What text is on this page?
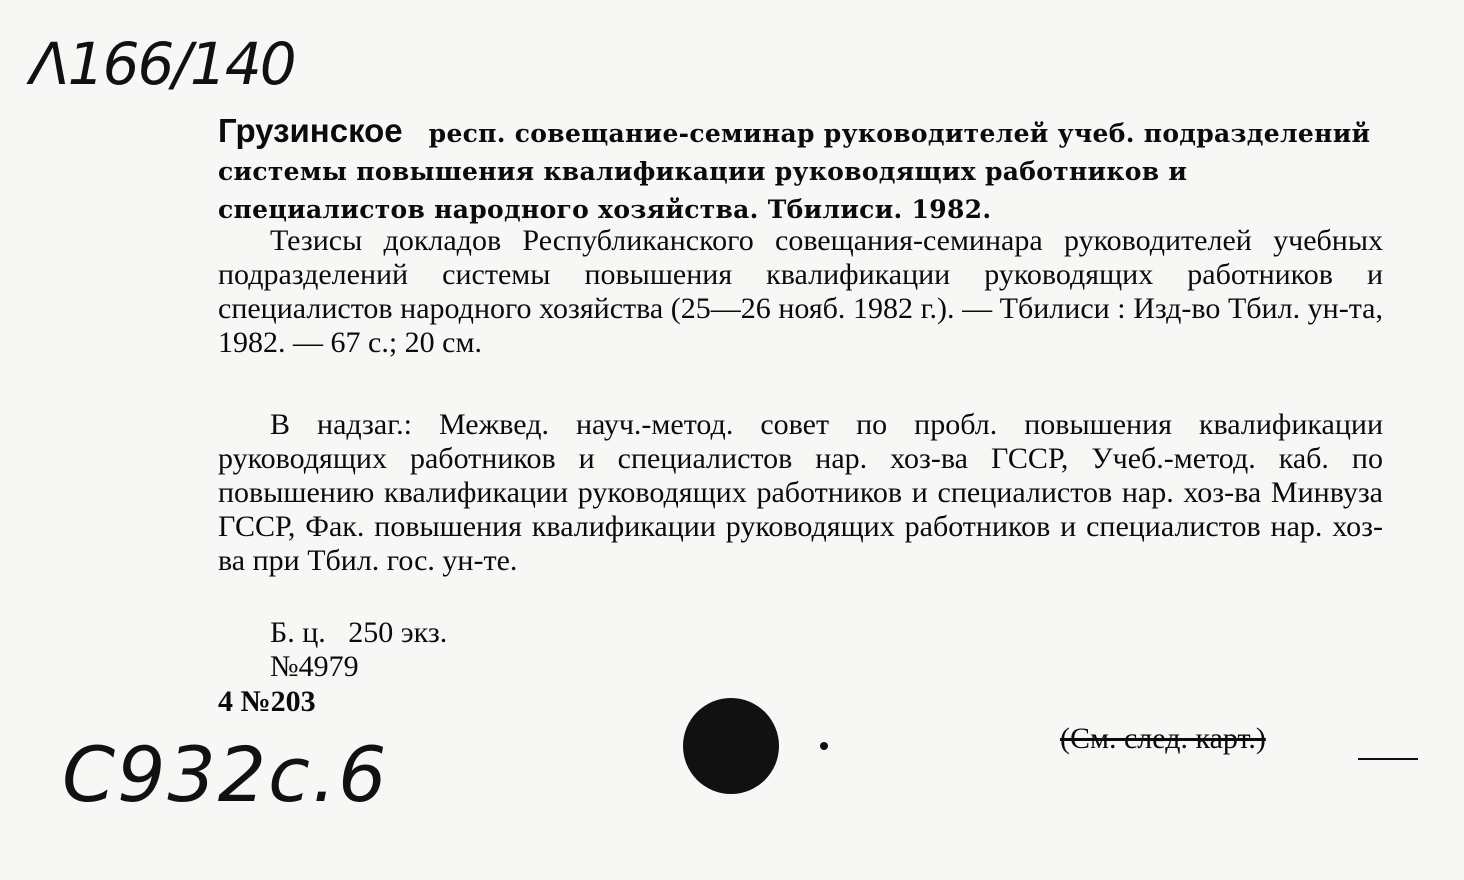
Λ166/140
Грузинское респ. совещание-семинар руководителей учеб. подразделений системы повышения квалификации руководящих работников и специалистов народного хозяйства. Тбилиси. 1982.
Тезисы докладов Республиканского совещания-семинара руководителей учебных подразделений системы повышения квалификации руководящих работников и специалистов народного хозяйства (25—26 нояб. 1982 г.). — Тбилиси : Изд-во Тбил. ун-та, 1982. — 67 с.; 20 см.
В надзаг.: Межвед. науч.-метод. совет по пробл. повышения квалификации руководящих работников и специалистов нар. хоз-ва ГССР, Учеб.-метод. каб. по повышению квалификации руководящих работников и специалистов нар. хоз-ва Минвуза ГССР, Фак. повышения квалификации руководящих работников и специалистов нар. хоз-ва при Тбил. гос. ун-те.
Б. ц.   250 экз.
№4979
4 №203
C932c.6	(См. след. карт.)
